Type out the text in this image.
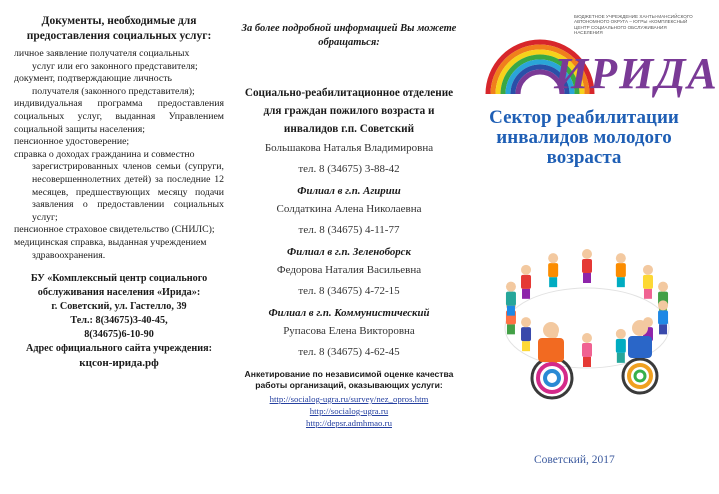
Документы, необходимые для предоставления социальных услуг:

личное заявление получателя социальных
услуг или его законного представителя;
документ, подтверждающие личность
получателя (законного представителя);
индивидуальная программа предоставления социальных услуг, выданная Управлением социальной защиты населения;
пенсионное удостоверение;
справка о доходах гражданина и совместно
зарегистрированных членов семьи (супруги, несовершеннолетних детей) за последние 12 месяцев, предшествующих месяцу подачи заявления о предоставлении социальных услуг;
пенсионное страховое свидетельство (СНИЛС);
медицинская справка, выданная учреждением
здравоохранения.

БУ «Комплексный центр социального обслуживания населения «Ирида»:

г. Советский, ул. Гастелло, 39

Тел.: 8(34675)3-40-45,

8(34675)6-10-90

Адрес официального сайта учреждения:

кцсон-ирида.рф

За более подробной информацией Вы можете обращаться:

Социально-реабилитационное отделение для граждан пожилого возраста и инвалидов г.п. Советский

Большакова Наталья Владимировна

тел. 8 (34675) 3-88-42

Филиал в г.п. Агириш

Солдаткина Алена Николаевна

тел. 8 (34675) 4-11-77

Филиал в г.п. Зеленоборск

Федорова Наталия Васильевна

тел. 8 (34675) 4-72-15

Филиал в г.п. Коммунистический

Рупасова Елена Викторовна

тел. 8 (34675) 4-62-45

Анкетирование по независимой оценке качества работы организаций, оказывающих услуги:

http://socialog-ugra.ru/survey/nez_opros.htm
http://socialog-ugra.ru
http://depsr.admhmao.ru
БЮДЖЕТНОЕ УЧРЕЖДЕНИЕ ХАНТЫ-МАНСИЙСКОГО АВТОНОМНОГО ОКРУГА – ЮГРЫ «КОМПЛЕКСНЫЙ ЦЕНТР СОЦИАЛЬНОГО ОБСЛУЖИВАНИЯ НАСЕЛЕНИЯ
ИРИДА

Сектор реабилитации инвалидов молодого возраста

Советский, 2017
